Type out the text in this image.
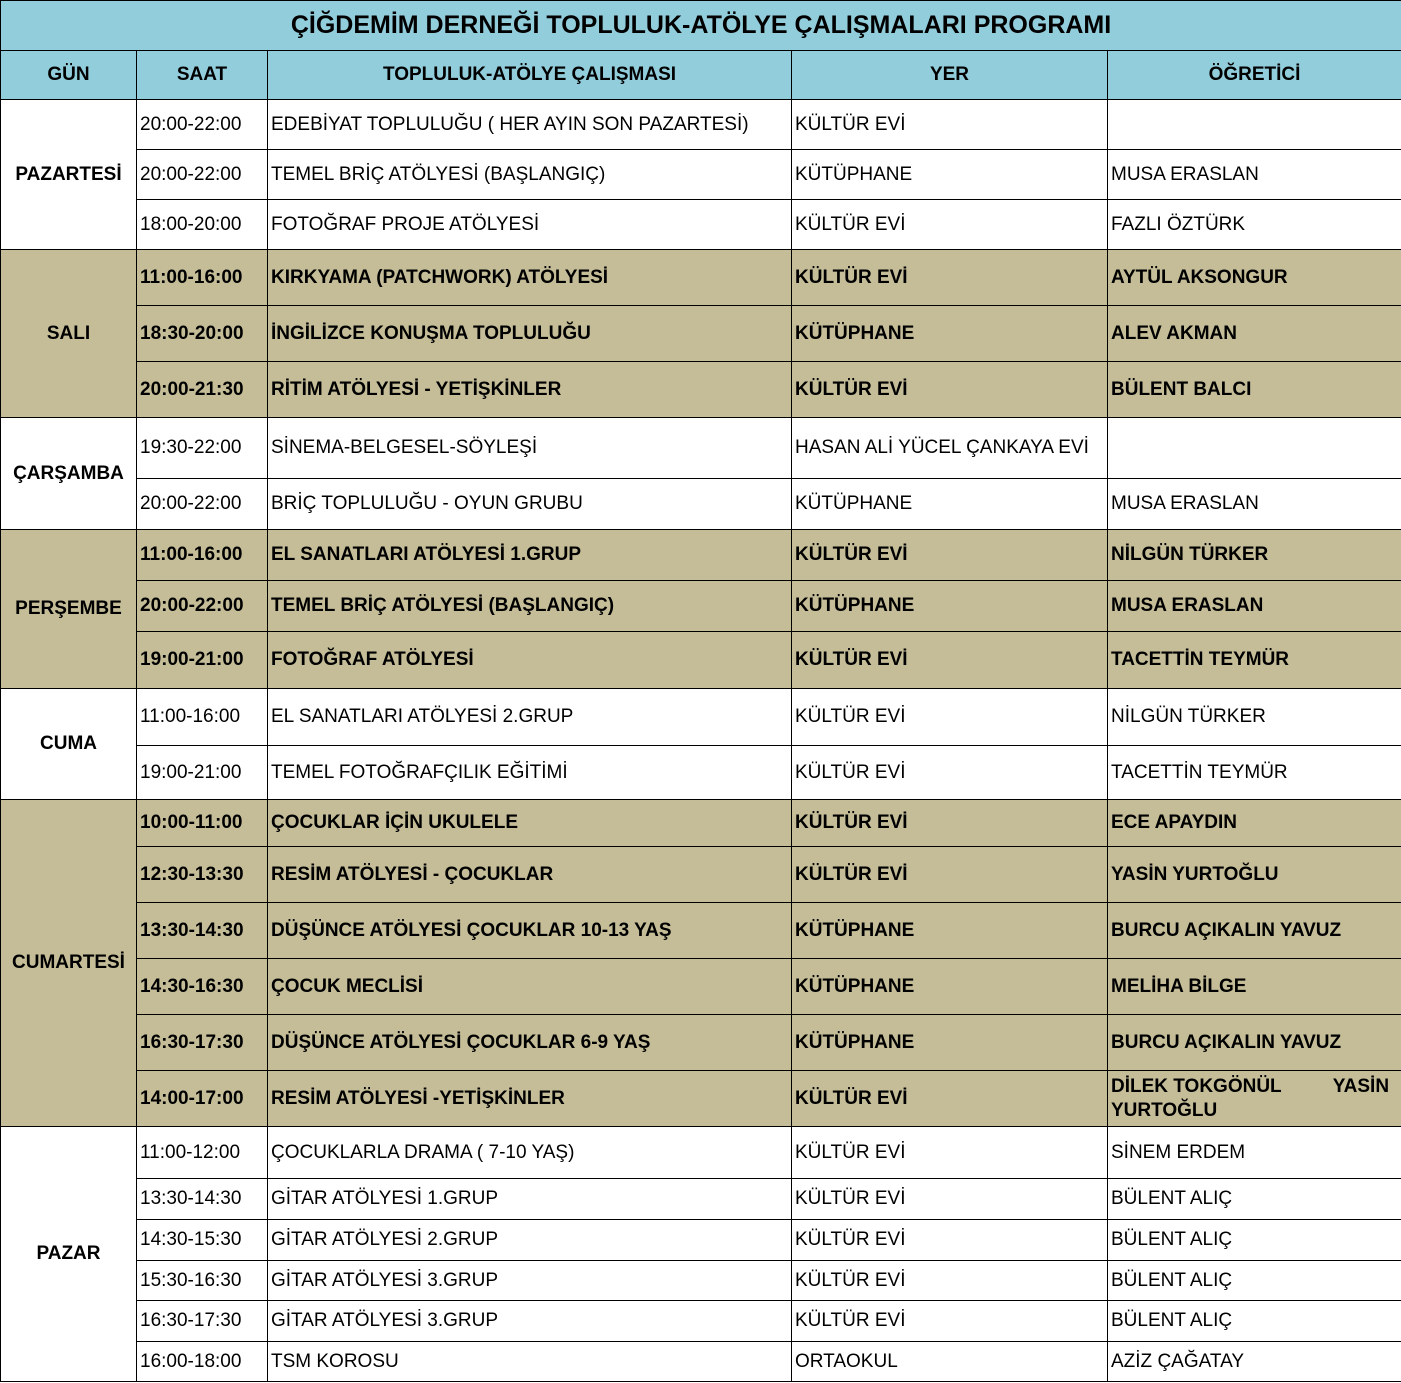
ÇİĞDEMİM DERNEĞİ TOPLULUK-ATÖLYE ÇALIŞMALARI PROGRAMI				
GÜN	SAAT	TOPLULUK-ATÖLYE ÇALIŞMASI	YER	ÖĞRETİCİ
PAZARTESİ	20:00-22:00	EDEBİYAT TOPLULUĞU ( HER AYIN SON PAZARTESİ)	KÜLTÜR EVİ	
	20:00-22:00	TEMEL BRİÇ ATÖLYESİ (BAŞLANGIÇ)	KÜTÜPHANE	MUSA ERASLAN
	18:00-20:00	FOTOĞRAF PROJE ATÖLYESİ	KÜLTÜR EVİ	FAZLI ÖZTÜRK
SALI	11:00-16:00	KIRKYAMA (PATCHWORK) ATÖLYESİ	KÜLTÜR EVİ	AYTÜL AKSONGUR
	18:30-20:00	İNGİLİZCE KONUŞMA TOPLULUĞU	KÜTÜPHANE	ALEV AKMAN
	20:00-21:30	RİTİM ATÖLYESİ - YETİŞKİNLER	KÜLTÜR EVİ	BÜLENT BALCI
ÇARŞAMBA	19:30-22:00	SİNEMA-BELGESEL-SÖYLEŞİ	HASAN ALİ YÜCEL ÇANKAYA EVİ	
	20:00-22:00	BRİÇ TOPLULUĞU - OYUN GRUBU	KÜTÜPHANE	MUSA ERASLAN
PERŞEMBE	11:00-16:00	EL SANATLARI ATÖLYESİ 1.GRUP	KÜLTÜR EVİ	NİLGÜN TÜRKER
	20:00-22:00	TEMEL BRİÇ ATÖLYESİ (BAŞLANGIÇ)	KÜTÜPHANE	MUSA ERASLAN
	19:00-21:00	FOTOĞRAF ATÖLYESİ	KÜLTÜR EVİ	TACETTİN TEYMÜR
CUMA	11:00-16:00	EL SANATLARI ATÖLYESİ 2.GRUP	KÜLTÜR EVİ	NİLGÜN TÜRKER
	19:00-21:00	TEMEL FOTOĞRAFÇILIK EĞİTİMİ	KÜLTÜR EVİ	TACETTİN TEYMÜR
CUMARTESİ	10:00-11:00	ÇOCUKLAR İÇİN UKULELE	KÜLTÜR EVİ	ECE APAYDIN
	12:30-13:30	RESİM ATÖLYESİ - ÇOCUKLAR	KÜLTÜR EVİ	YASİN YURTOĞLU
	13:30-14:30	DÜŞÜNCE ATÖLYESİ ÇOCUKLAR 10-13 YAŞ	KÜTÜPHANE	BURCU AÇIKALIN YAVUZ
	14:30-16:30	ÇOCUK MECLİSİ	KÜTÜPHANE	MELİHA BİLGE
	16:30-17:30	DÜŞÜNCE ATÖLYESİ ÇOCUKLAR 6-9 YAŞ	KÜTÜPHANE	BURCU AÇIKALIN YAVUZ
	14:00-17:00	RESİM ATÖLYESİ -YETİŞKİNLER	KÜLTÜR EVİ	DİLEK TOKGÖNÜL YASİN
YURTOĞLU

PAZAR	11:00-12:00	ÇOCUKLARLA DRAMA ( 7-10 YAŞ)	KÜLTÜR EVİ	SİNEM ERDEM
	13:30-14:30	GİTAR ATÖLYESİ 1.GRUP	KÜLTÜR EVİ	BÜLENT ALIÇ
	14:30-15:30	GİTAR ATÖLYESİ 2.GRUP	KÜLTÜR EVİ	BÜLENT ALIÇ
	15:30-16:30	GİTAR ATÖLYESİ 3.GRUP	KÜLTÜR EVİ	BÜLENT ALIÇ
	16:30-17:30	GİTAR ATÖLYESİ 3.GRUP	KÜLTÜR EVİ	BÜLENT ALIÇ
	16:00-18:00	TSM KOROSU	ORTAOKUL	AZİZ ÇAĞATAY
